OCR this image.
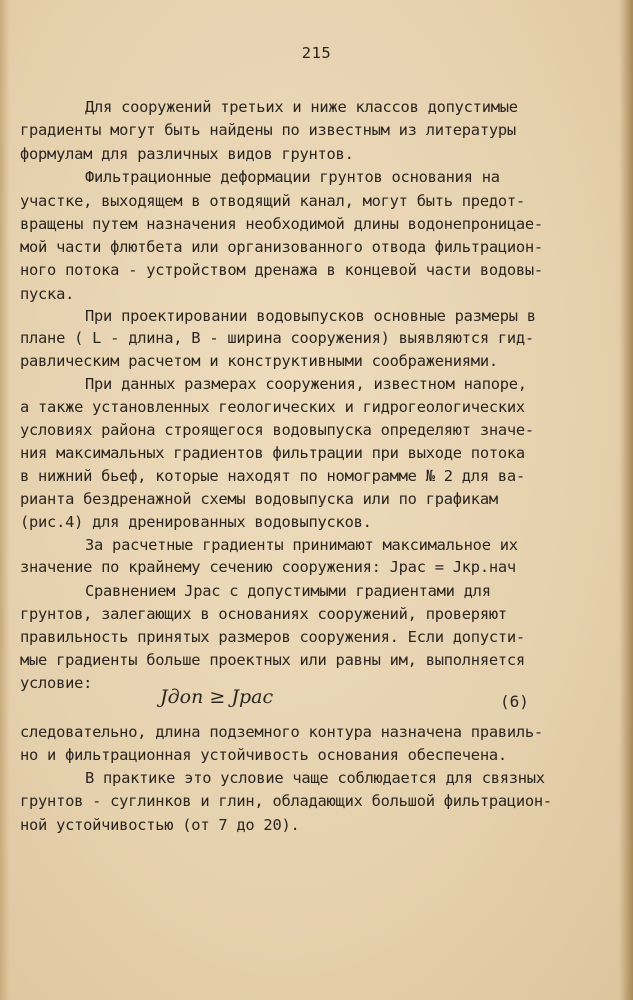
215
Для сооружений третьих и ниже классов допустимые
градиенты могут быть найдены по известным из литературы
формулам для различных видов грунтов.
Фильтрационные деформации грунтов основания на
участке, выходящем в отводящий канал, могут быть предот-
вращены путем назначения необходимой длины водонепроницае-
мой части флютбета или организованного отвода фильтрацион-
ного потока - устройством дренажа в концевой части водовы-
пуска.
При проектировании водовыпусков основные размеры в
плане ( L - длина, В - ширина сооружения) выявляются гид-
равлическим расчетом и конструктивными соображениями.
При данных размерах сооружения, известном напоре,
а также установленных геологических и гидрогеологических
условиях района строящегося водовыпуска определяют значе-
ния максимальных градиентов фильтрации при выходе потока
в нижний бьеф, которые находят по номограмме № 2 для ва-
рианта бездренажной схемы водовыпуска или по графикам
(рис.4) для дренированных водовыпусков.
За расчетные градиенты принимают максимальное их
значение по крайнему сечению сооружения: Jрас = Jкр.нач
Сравнением Jрас с допустимыми градиентами для
грунтов, залегающих в основаниях сооружений, проверяют
правильность принятых размеров сооружения. Если допусти-
мые градиенты больше проектных или равны им, выполняется
условие:
Jдоп ≥ Jрас	(6)
следовательно, длина подземного контура назначена правиль-
но и фильтрационная устойчивость основания обеспечена.
В практике это условие чаще соблюдается для связных
грунтов - суглинков и глин, обладающих большой фильтрацион-
ной устойчивостью (от 7 до 20).
